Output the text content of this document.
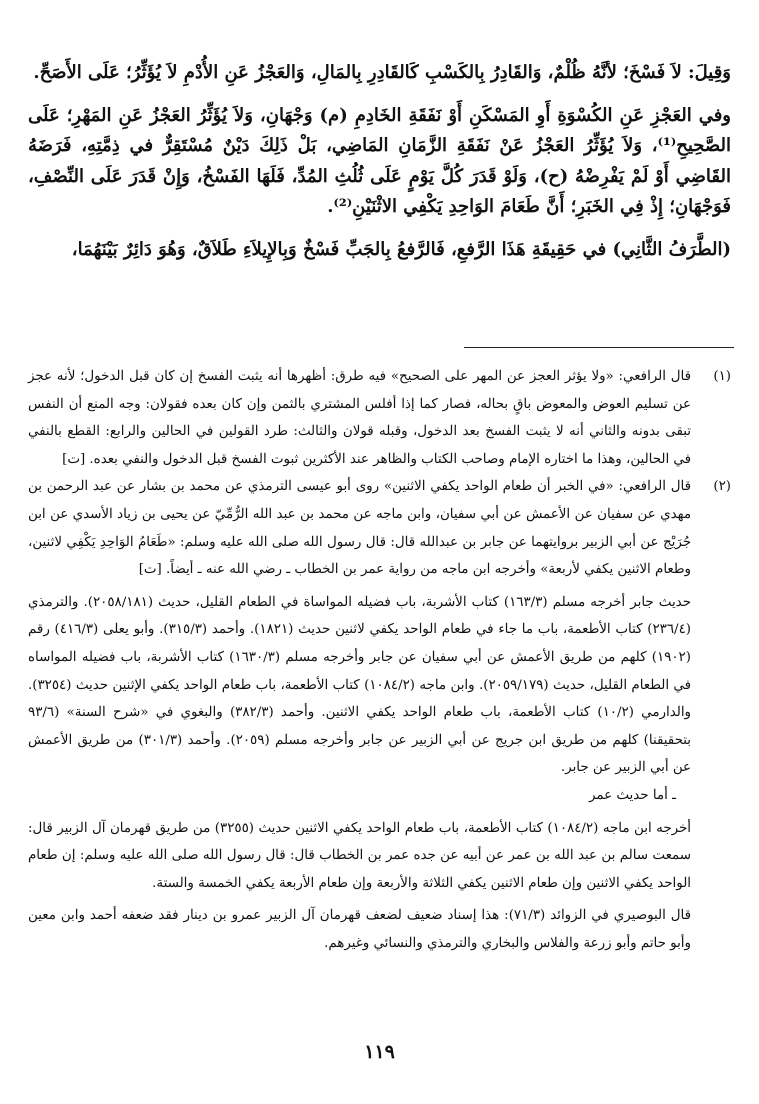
وَقِيلَ: لاَ فَسْخَ؛ لأنَّهُ ظُلْمٌ، وَالقَادِرُ بِالكَسْبِ كَالقَادِرِ بِالمَالِ، وَالعَجْزُ عَنِ الأُدْمِ لاَ يُؤَثِّرُ؛ عَلَى الأَصَحِّ.

وفي العَجْزِ عَنِ الكُسْوَةِ أَوِ المَسْكَنِ أَوْ نَفَقَةِ الخَادِمِ (م) وَجْهَانِ، وَلاَ يُؤَثِّرُ العَجْزُ عَنِ المَهْرِ؛ عَلَى الصَّحِيحِ⁽¹⁾، وَلاَ يُؤَثِّرُ العَجْزُ عَنْ نَفَقَةِ الزَّمَانِ المَاضِي، بَلْ ذَلِكَ دَيْنٌ مُسْتَقِرٌّ في ذِمَّتِهِ، فَرَضَهُ القَاضِي أَوْ لَمْ يَفْرِضْهُ (ح)، وَلَوْ قَدَرَ كُلَّ يَوْمٍ عَلَى ثُلُثِ المُدِّ، فَلَهَا الفَسْخُ، وَإِنْ قَدَرَ عَلَى النِّصْفِ، فَوَجْهَانِ؛ إِذْ فِي الخَبَرِ؛ أَنَّ طَعَامَ الوَاحِدِ يَكْفِي الاثْنَيْنِ⁽²⁾.

(الطَّرَفُ الثَّانِي) في حَقِيقَةِ هَذَا الرَّفعِ، فَالرَّفعُ بِالجَبِّ فَسْخٌ وَبِالإِيلاَءِ طَلاَقٌ، وَهُوَ دَائِرٌ بَيْنَهُمَا،

(١)

قال الرافعي: «ولا يؤثر العجز عن المهر على الصحيح» فيه طرق: أظهرها أنه يثبت الفسخ إن كان قبل الدخول؛ لأنه عجز عن تسليم العوض والمعوض باقٍ بحاله، فصار كما إذا أفلس المشتري بالثمن وإن كان بعده فقولان: وجه المنع أن النفس تبقى بدونه والثاني أنه لا يثبت الفسخ بعد الدخول، وقبله قولان والثالث: طرد القولين في الحالين والرابع: القطع بالنفي في الحالين، وهذا ما اختاره الإمام وصاحب الكتاب والظاهر عند الأكثرين ثبوت الفسخ قبل الدخول والنفي بعده. [ت]

(٢)

قال الرافعي: «في الخبر أن طعام الواحد يكفي الاثنين» روى أبو عيسى الترمذي عن محمد بن بشار عن عبد الرحمن بن مهدي عن سفيان عن الأعمش عن أبي سفيان، وابن ماجه عن محمد بن عبد الله الرُّمِّيّ عن يحيى بن زياد الأسدي عن ابن جُرَيْج عن أبي الزبير بروايتهما عن جابر بن عبدالله قال: قال رسول الله صلى الله عليه وسلم: «طَعَامُ الوَاحِدِ يَكْفِي لاثنين، وطعام الاثنين يكفي لأربعة» وأخرجه ابن ماجه من رواية عمر بن الخطاب ـ رضي الله عنه ـ أيضاً. [ت]

حديث جابر أخرجه مسلم (١٦٣/٣) كتاب الأشربة، باب فضيله المواساة في الطعام القليل، حديث (٢٠٥٨/١٨١). والترمذي (٢٣٦/٤) كتاب الأطعمة، باب ما جاء في طعام الواحد يكفي لاثنين حديث (١٨٢١). وأحمد (٣١٥/٣). وأبو يعلى (٤١٦/٣) رقم (١٩٠٢) كلهم من طريق الأعمش عن أبي سفيان عن جابر وأخرجه مسلم (١٦٣٠/٣) كتاب الأشربة، باب فضيله المواساه في الطعام القليل، حديث (٢٠٥٩/١٧٩). وابن ماجه (١٠٨٤/٢) كتاب الأطعمة، باب طعام الواحد يكفي الإثنين حديث (٣٢٥٤). والدارمي (١٠/٢) كتاب الأطعمة، باب طعام الواحد يكفي الاثنين. وأحمد (٣٨٢/٣) والبغوي في «شرح السنة» (٩٣/٦ بتحقيقنا) كلهم من طريق ابن جريج عن أبي الزبير عن جابر وأخرجه مسلم (٢٠٥٩). وأحمد (٣٠١/٣) من طريق الأعمش عن أبي الزبير عن جابر.

ـ أما حديث عمر

أخرجه ابن ماجه (١٠٨٤/٢) كتاب الأطعمة، باب طعام الواحد يكفي الاثنين حديث (٣٢٥٥) من طريق قهرمان آل الزبير قال: سمعت سالم بن عبد الله بن عمر عن أبيه عن جده عمر بن الخطاب قال: قال رسول الله صلى الله عليه وسلم: إن طعام الواحد يكفي الاثنين وإن طعام الاثنين يكفي الثلاثة والأربعة وإن طعام الأربعة يكفي الخمسة والستة.

قال البوصيري في الزوائد (٧١/٣): هذا إسناد ضعيف لضعف قهرمان آل الزبير عمرو بن دينار فقد ضعفه أحمد وابن معين وأبو حاتم وأبو زرعة والفلاس والبخاري والترمذي والنسائي وغيرهم.

١١٩
